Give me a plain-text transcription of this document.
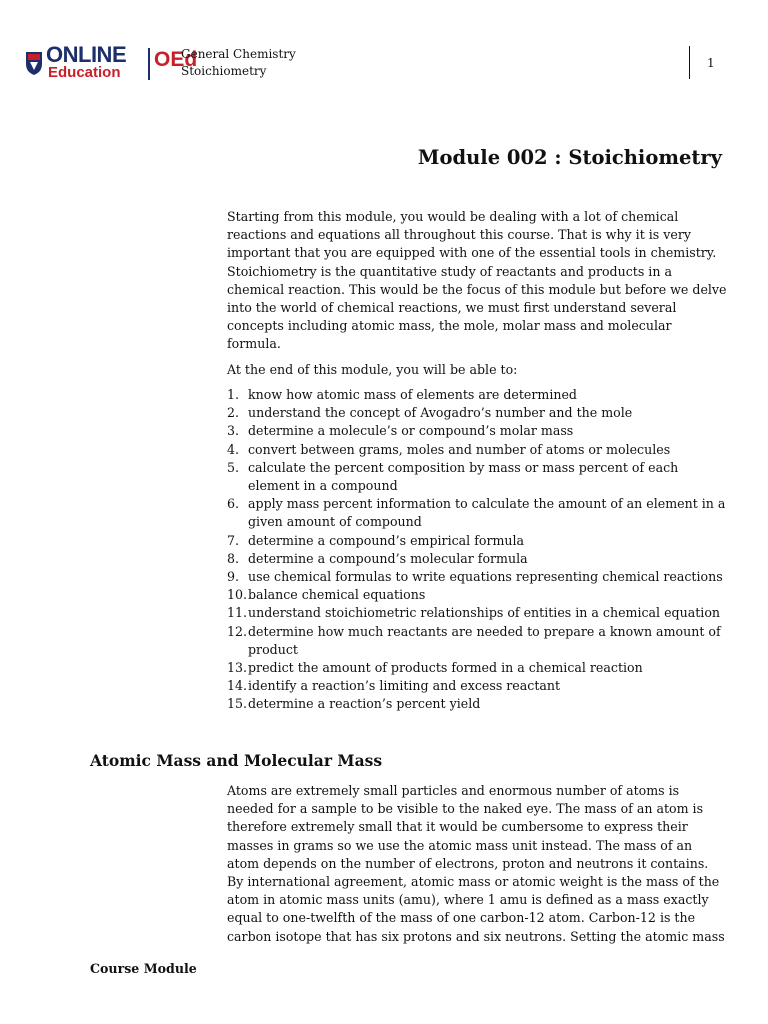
ONLINE
Education
OEd
General Chemistry
Stoichiometry
1
Module 002 : Stoichiometry

Starting from this module, you would be dealing with a lot of chemical reactions and equations all throughout this course. That is why it is very important that you are equipped with one of the essential tools in chemistry. Stoichiometry is the quantitative study of reactants and products in a chemical reaction. This would be the focus of this module but before we delve into the world of chemical reactions, we must first understand several concepts including atomic mass, the mole, molar mass and molecular formula.

At the end of this module, you will be able to:

1. know how atomic mass of elements are determined
2. understand the concept of Avogadro’s number and the mole
3. determine a molecule’s or compound’s molar mass
4. convert between grams, moles and number of atoms or molecules
5. calculate the percent composition by mass or mass percent of each element in a compound
6. apply mass percent information to calculate the amount of an element in a given amount of compound
7. determine a compound’s empirical formula
8. determine a compound’s molecular formula
9. use chemical formulas to write equations representing chemical reactions
10. balance chemical equations
11. understand stoichiometric relationships of entities in a chemical equation
12. determine how much reactants are needed to prepare a known amount of product
13. predict the amount of products formed in a chemical reaction
14. identify a reaction’s limiting and excess reactant
15. determine a reaction’s percent yield
Atomic Mass and Molecular Mass

Atoms are extremely small particles and enormous number of atoms is needed for a sample to be visible to the naked eye. The mass of an atom is therefore extremely small that it would be cumbersome to express their masses in grams so we use the atomic mass unit instead. The mass of an atom depends on the number of electrons, proton and neutrons it contains. By international agreement, atomic mass or atomic weight is the mass of the atom in atomic mass units (amu), where 1 amu is defined as a mass exactly equal to one-twelfth of the mass of one carbon-12 atom. Carbon-12 is the carbon isotope that has six protons and six neutrons. Setting the atomic mass

Course Module
